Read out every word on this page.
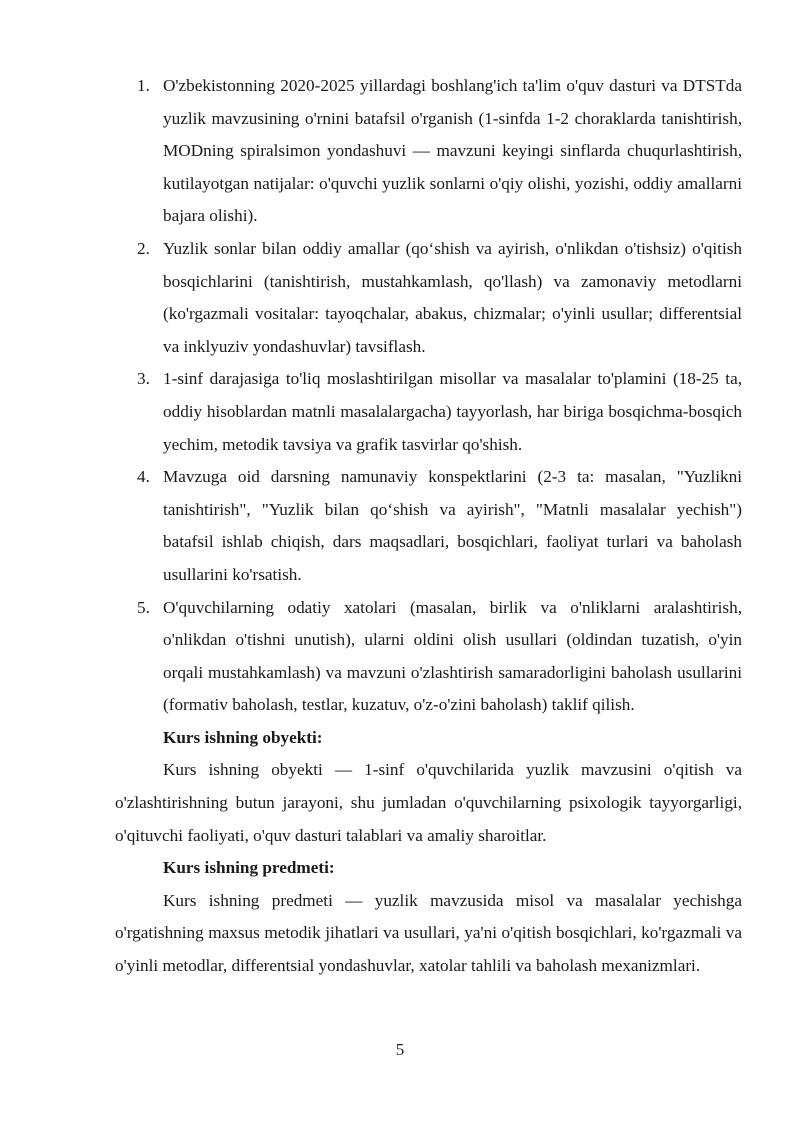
1. O'zbekistonning 2020-2025 yillardagi boshlang'ich ta'lim o'quv dasturi va DTSTda yuzlik mavzusining o'rnini batafsil o'rganish (1-sinfda 1-2 choraklarda tanishtirish, MODning spiralsimon yondashuvi — mavzuni keyingi sinflarda chuqurlashtirish, kutilayotgan natijalar: o'quvchi yuzlik sonlarni o'qiy olishi, yozishi, oddiy amallarni bajara olishi).
2. Yuzlik sonlar bilan oddiy amallar (qo‘shish va ayirish, o'nlikdan o'tishsiz) o'qitish bosqichlarini (tanishtirish, mustahkamlash, qo'llash) va zamonaviy metodlarni (ko'rgazmali vositalar: tayoqchalar, abakus, chizmalar; o'yinli usullar; differentsial va inklyuziv yondashuvlar) tavsiflash.
3. 1-sinf darajasiga to'liq moslashtirilgan misollar va masalalar to'plamini (18-25 ta, oddiy hisoblardan matnli masalalargacha) tayyorlash, har biriga bosqichma-bosqich yechim, metodik tavsiya va grafik tasvirlar qo'shish.
4. Mavzuga oid darsning namunaviy konspektlarini (2-3 ta: masalan, "Yuzlikni tanishtirish", "Yuzlik bilan qo‘shish va ayirish", "Matnli masalalar yechish") batafsil ishlab chiqish, dars maqsadlari, bosqichlari, faoliyat turlari va baholash usullarini ko'rsatish.
5. O'quvchilarning odatiy xatolari (masalan, birlik va o'nliklarni aralashtirish, o'nlikdan o'tishni unutish), ularni oldini olish usullari (oldindan tuzatish, o'yin orqali mustahkamlash) va mavzuni o'zlashtirish samaradorligini baholash usullarini (formativ baholash, testlar, kuzatuv, o'z-o'zini baholash) taklif qilish.

Kurs ishning obyekti:

Kurs ishning obyekti — 1-sinf o'quvchilarida yuzlik mavzusini o'qitish va o'zlashtirishning butun jarayoni, shu jumladan o'quvchilarning psixologik tayyorgarligi, o'qituvchi faoliyati, o'quv dasturi talablari va amaliy sharoitlar.

Kurs ishning predmeti:

Kurs ishning predmeti — yuzlik mavzusida misol va masalalar yechishga o'rgatishning maxsus metodik jihatlari va usullari, ya'ni o'qitish bosqichlari, ko'rgazmali va o'yinli metodlar, differentsial yondashuvlar, xatolar tahlili va baholash mexanizmlari.

5
